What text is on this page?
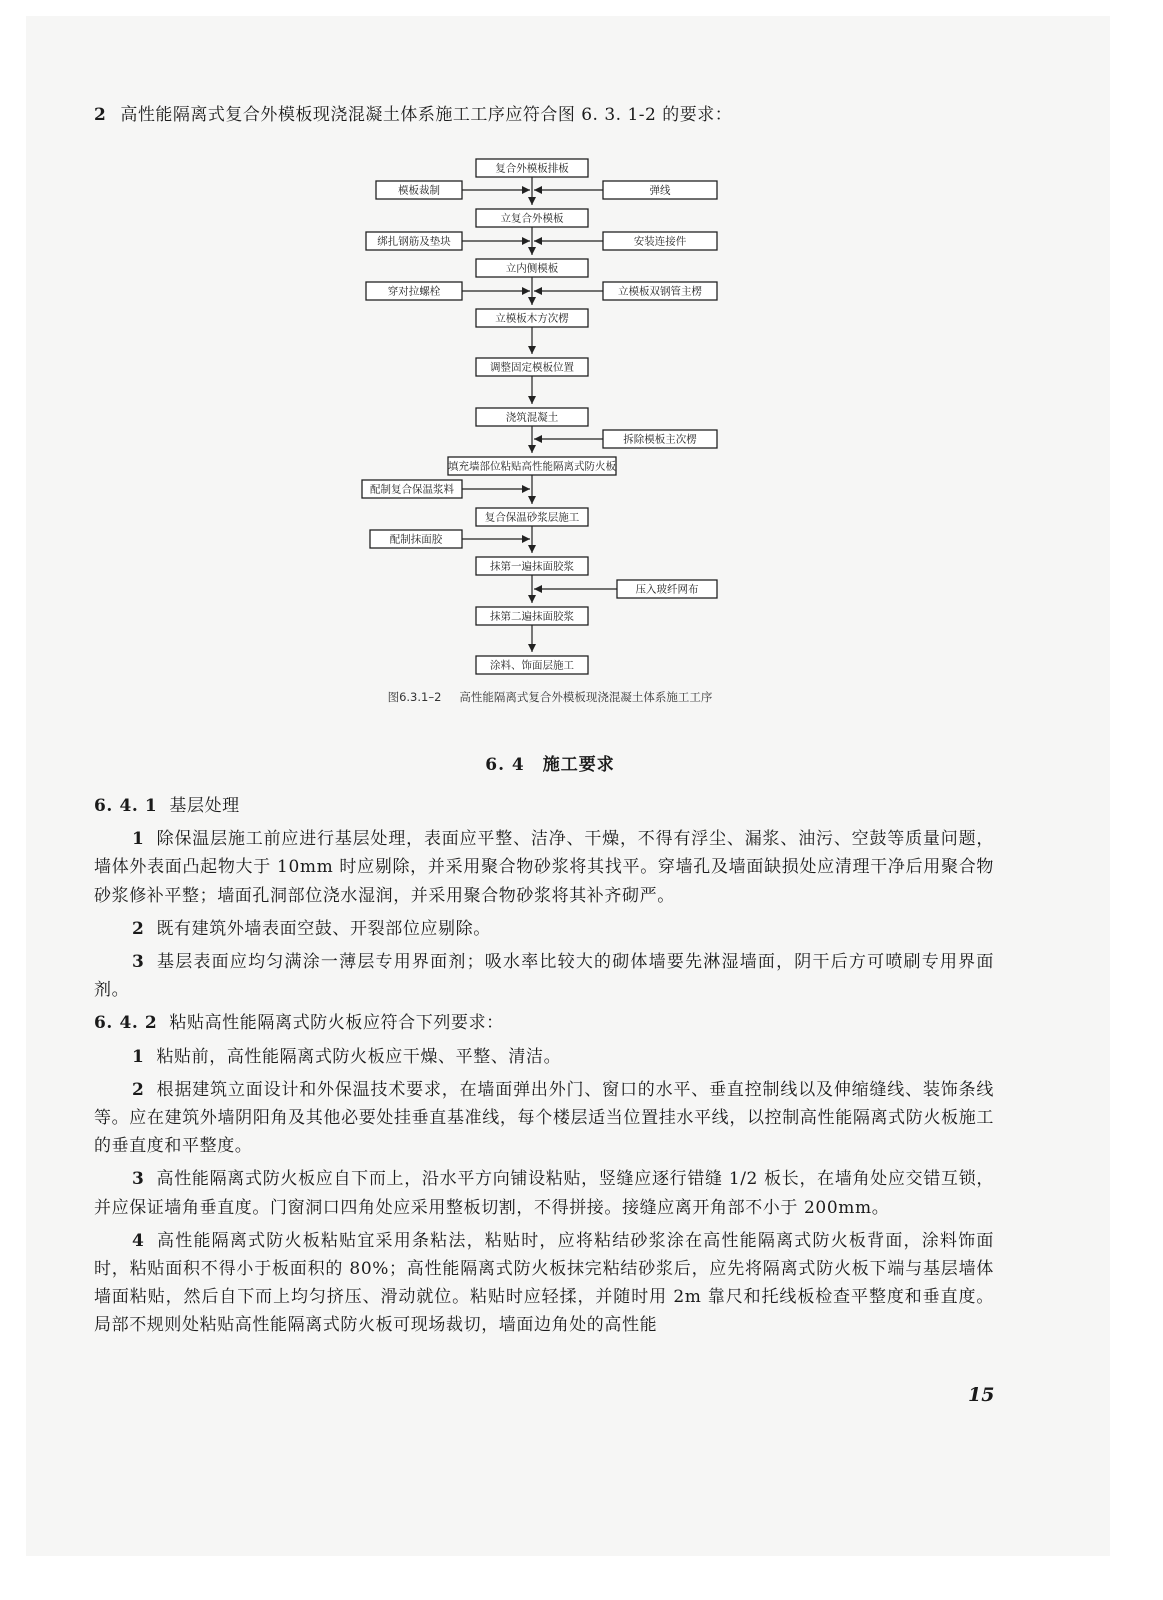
2 高性能隔离式复合外模板现浇混凝土体系施工工序应符合图 6. 3. 1-2 的要求：
复合外模板排板
立复合外模板
立内侧模板
立模板木方次楞
调整固定模板位置
浇筑混凝土
填充墙部位粘贴高性能隔离式防火板
复合保温砂浆层施工
抹第一遍抹面胶浆
抹第二遍抹面胶浆
涂料、饰面层施工
模板裁制	弹线
绑扎钢筋及垫块	安装连接件
穿对拉螺栓	立模板双钢管主楞
拆除模板主次楞
配制复合保温浆料
配制抹面胶
压入玻纤网布
图6.3.1–2 高性能隔离式复合外模板现浇混凝土体系施工工序
6. 4 施工要求

6. 4. 1 基层处理

1 除保温层施工前应进行基层处理，表面应平整、洁净、干燥，不得有浮尘、漏浆、油污、空鼓等质量问题，墙体外表面凸起物大于 10mm 时应剔除，并采用聚合物砂浆将其找平。穿墙孔及墙面缺损处应清理干净后用聚合物砂浆修补平整；墙面孔洞部位浇水湿润，并采用聚合物砂浆将其补齐砌严。

2 既有建筑外墙表面空鼓、开裂部位应剔除。

3 基层表面应均匀满涂一薄层专用界面剂；吸水率比较大的砌体墙要先淋湿墙面，阴干后方可喷刷专用界面剂。

6. 4. 2 粘贴高性能隔离式防火板应符合下列要求：

1 粘贴前，高性能隔离式防火板应干燥、平整、清洁。

2 根据建筑立面设计和外保温技术要求，在墙面弹出外门、窗口的水平、垂直控制线以及伸缩缝线、装饰条线等。应在建筑外墙阴阳角及其他必要处挂垂直基准线，每个楼层适当位置挂水平线，以控制高性能隔离式防火板施工的垂直度和平整度。

3 高性能隔离式防火板应自下而上，沿水平方向铺设粘贴，竖缝应逐行错缝 1/2 板长，在墙角处应交错互锁，并应保证墙角垂直度。门窗洞口四角处应采用整板切割，不得拼接。接缝应离开角部不小于 200mm。

4 高性能隔离式防火板粘贴宜采用条粘法，粘贴时，应将粘结砂浆涂在高性能隔离式防火板背面，涂料饰面时，粘贴面积不得小于板面积的 80%；高性能隔离式防火板抹完粘结砂浆后，应先将隔离式防火板下端与基层墙体墙面粘贴，然后自下而上均匀挤压、滑动就位。粘贴时应轻揉，并随时用 2m 靠尺和托线板检查平整度和垂直度。局部不规则处粘贴高性能隔离式防火板可现场裁切，墙面边角处的高性能

15
